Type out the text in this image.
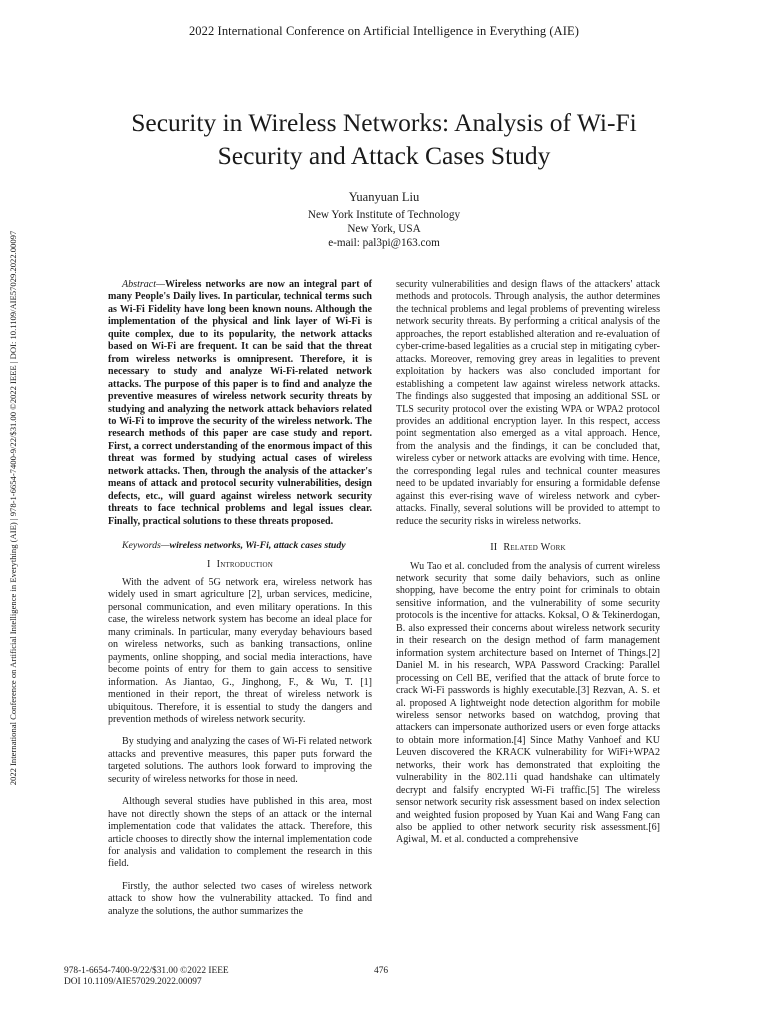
2022 International Conference on Artificial Intelligence in Everything (AIE)
2022 International Conference on Artificial Intelligence in Everything (AIE) | 978-1-6654-7400-9/22/$31.00 ©2022 IEEE | DOI: 10.1109/AIE57029.2022.00097
Security in Wireless Networks: Analysis of Wi-Fi
Security and Attack Cases Study
Yuanyuan Liu
New York Institute of Technology
New York, USA
e-mail: pal3pi@163.com

Abstract—Wireless networks are now an integral part of many People's Daily lives. In particular, technical terms such as Wi-Fi Fidelity have long been known nouns. Although the implementation of the physical and link layer of Wi-Fi is quite complex, due to its popularity, the network attacks based on Wi-Fi are frequent. It can be said that the threat from wireless networks is omnipresent. Therefore, it is necessary to study and analyze Wi-Fi-related network attacks. The purpose of this paper is to find and analyze the preventive measures of wireless network security threats by studying and analyzing the network attack behaviors related to Wi-Fi to improve the security of the wireless network. The research methods of this paper are case study and report. First, a correct understanding of the enormous impact of this threat was formed by studying actual cases of wireless network attacks. Then, through the analysis of the attacker's means of attack and protocol security vulnerabilities, design defects, etc., will guard against wireless network security threats to face technical problems and legal issues clear. Finally, practical solutions to these threats proposed.

Keywords—wireless networks, Wi-Fi, attack cases study

I Introduction

With the advent of 5G network era, wireless network has widely used in smart agriculture [2], urban services, medicine, personal communication, and even military operations. In this case, the wireless network system has become an ideal place for many criminals. In particular, many everyday behaviours based on wireless networks, such as banking transactions, online payments, online shopping, and social media interactions, have become points of entry for them to gain access to sensitive information. As Jiantao, G., Jinghong, F., & Wu, T. [1] mentioned in their report, the threat of wireless network is ubiquitous. Therefore, it is essential to study the dangers and prevention methods of wireless network security.

By studying and analyzing the cases of Wi-Fi related network attacks and preventive measures, this paper puts forward the targeted solutions. The authors look forward to improving the security of wireless networks for those in need.

Although several studies have published in this area, most have not directly shown the steps of an attack or the internal implementation code that validates the attack. Therefore, this article chooses to directly show the internal implementation code for analysis and validation to complement the research in this field.

Firstly, the author selected two cases of wireless network attack to show how the vulnerability attacked. To find and analyze the solutions, the author summarizes the

security vulnerabilities and design flaws of the attackers' attack methods and protocols. Through analysis, the author determines the technical problems and legal problems of preventing wireless network security threats. By performing a critical analysis of the approaches, the report established alteration and re-evaluation of cyber-crime-based legalities as a crucial step in mitigating cyber-attacks. Moreover, removing grey areas in legalities to prevent exploitation by hackers was also concluded important for establishing a competent law against wireless network attacks. The findings also suggested that imposing an additional SSL or TLS security protocol over the existing WPA or WPA2 protocol provides an additional encryption layer. In this respect, access point segmentation also emerged as a vital approach. Hence, from the analysis and the findings, it can be concluded that, wireless cyber or network attacks are evolving with time. Hence, the corresponding legal rules and technical counter measures need to be updated invariably for ensuring a formidable defense against this ever-rising wave of wireless network and cyber-attacks. Finally, several solutions will be provided to attempt to reduce the security risks in wireless networks.

II Related Work

Wu Tao et al. concluded from the analysis of current wireless network security that some daily behaviors, such as online shopping, have become the entry point for criminals to obtain sensitive information, and the vulnerability of some security protocols is the incentive for attacks. Koksal, O & Tekinerdogan, B. also expressed their concerns about wireless network security in their research on the design method of farm management information system architecture based on Internet of Things.[2] Daniel M. in his research, WPA Password Cracking: Parallel processing on Cell BE, verified that the attack of brute force to crack Wi-Fi passwords is highly executable.[3] Rezvan, A. S. et al. proposed A lightweight node detection algorithm for mobile wireless sensor networks based on watchdog, proving that attackers can impersonate authorized users or even forge attacks to obtain more information.[4] Since Mathy Vanhoef and KU Leuven discovered the KRACK vulnerability for WiFi+WPA2 networks, their work has demonstrated that exploiting the vulnerability in the 802.11i quad handshake can ultimately decrypt and falsify encrypted Wi-Fi traffic.[5] The wireless sensor network security risk assessment based on index selection and weighted fusion proposed by Yuan Kai and Wang Fang can also be applied to other network security risk assessment.[6] Agiwal, M. et al. conducted a comprehensive

978-1-6654-7400-9/22/$31.00 ©2022 IEEE
DOI 10.1109/AIE57029.2022.00097
476
